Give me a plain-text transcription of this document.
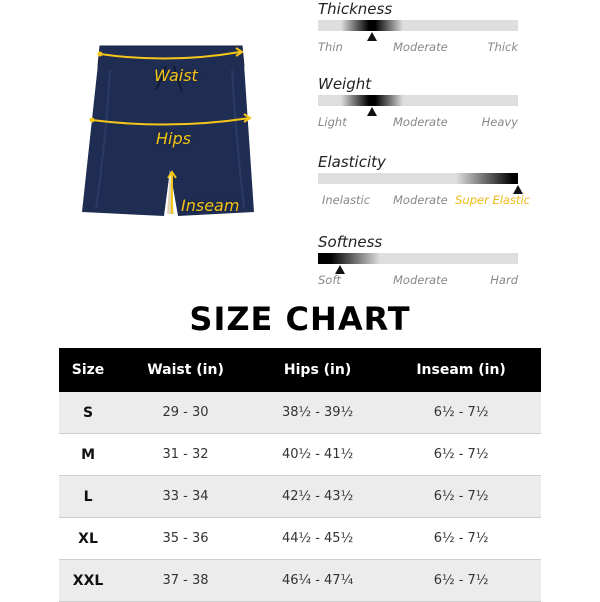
Waist
Hips
Inseam
Thickness
Thin	Moderate	Thick
Weight
Light	Moderate	Heavy
Elasticity
Inelastic Moderate Super Elastic
Softness
Soft	Moderate	Hard
SIZE CHART
Size	Waist (in)	Hips (in)	Inseam (in)
S	29 - 30	38½ - 39½	6½ - 7½
M	31 - 32	40½ - 41½	6½ - 7½
L	33 - 34	42½ - 43½	6½ - 7½
XL	35 - 36	44½ - 45½	6½ - 7½
XXL	37 - 38	46¼ - 47¼	6½ - 7½
